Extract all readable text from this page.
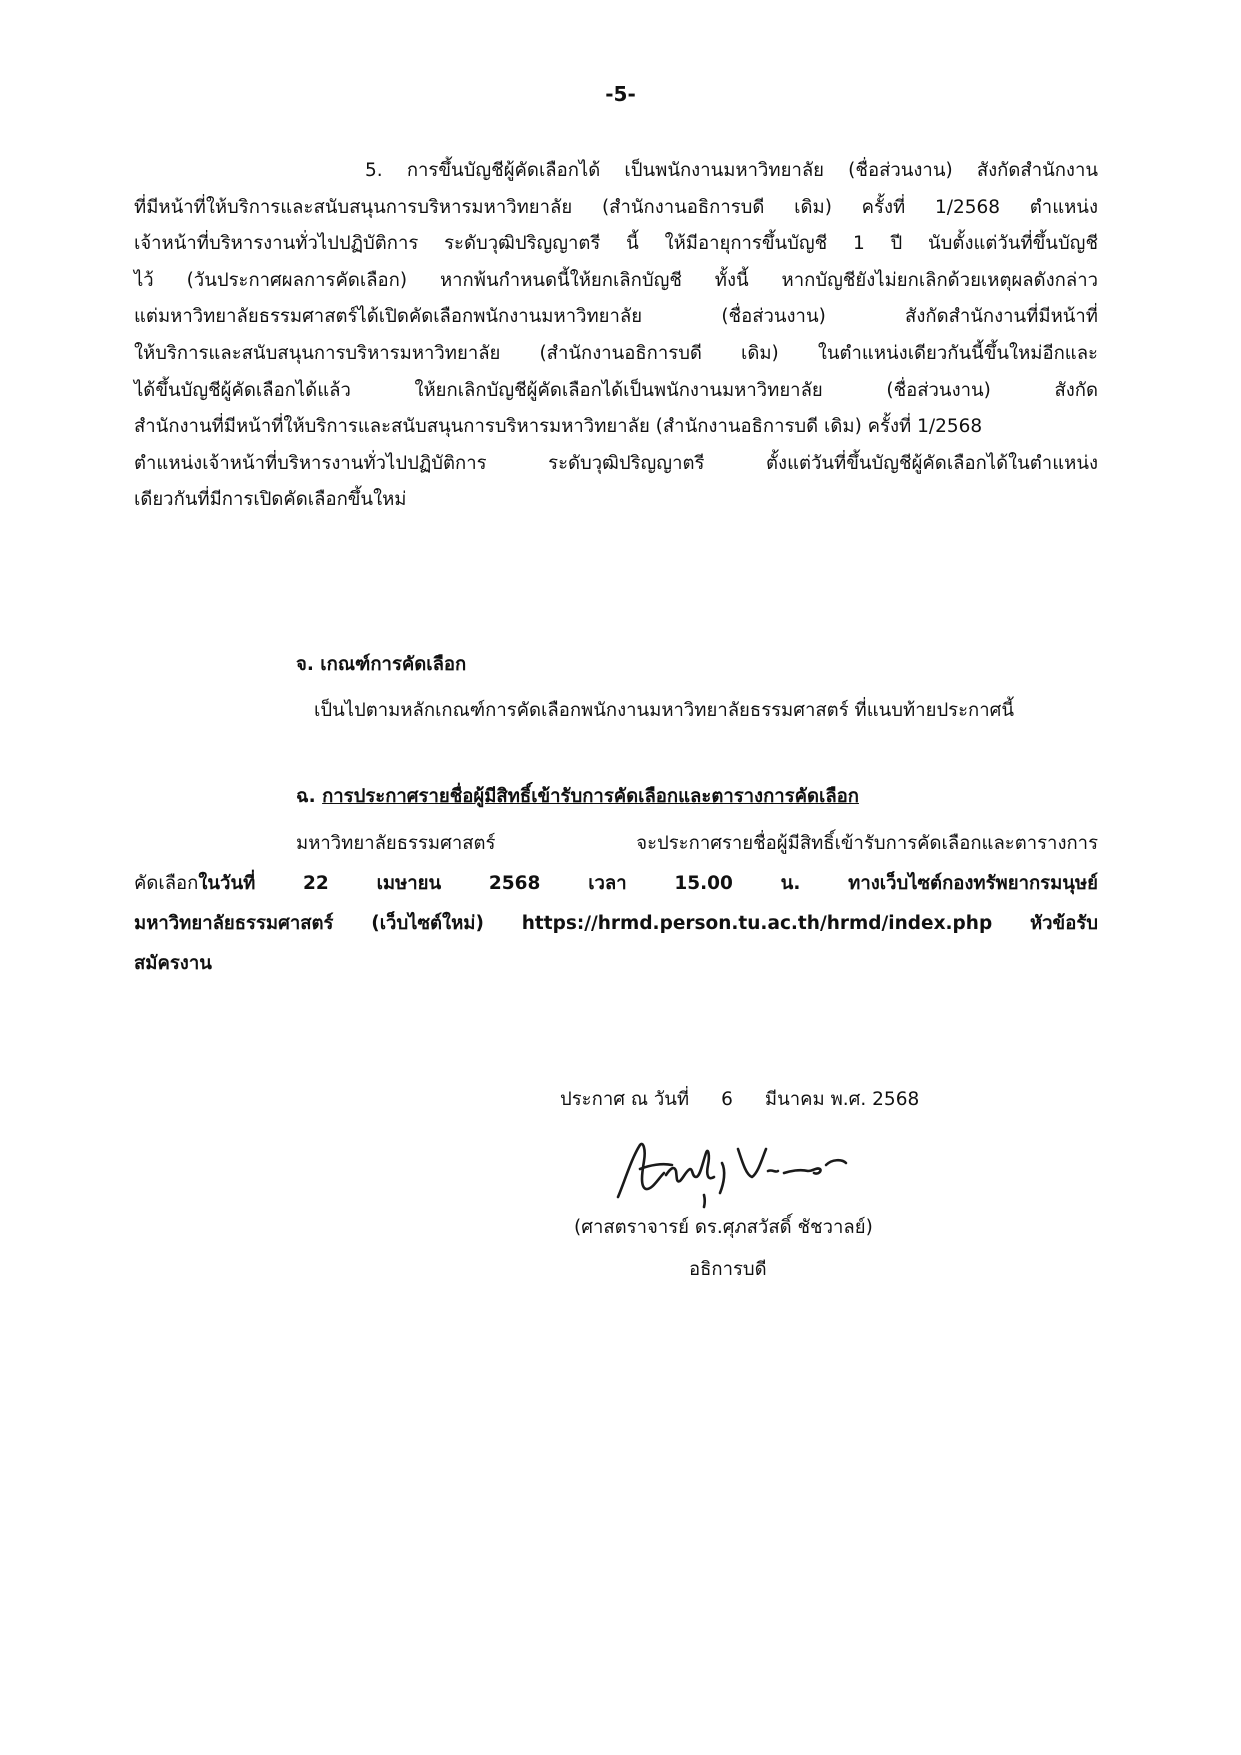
-5-
5. การขึ้นบัญชีผู้คัดเลือกได้ เป็นพนักงานมหาวิทยาลัย (ชื่อส่วนงาน) สังกัดสำนักงาน
ที่มีหน้าที่ให้บริการและสนับสนุนการบริหารมหาวิทยาลัย (สำนักงานอธิการบดี เดิม) ครั้งที่ 1/2568 ตำแหน่ง
เจ้าหน้าที่บริหารงานทั่วไปปฏิบัติการ ระดับวุฒิปริญญาตรี นี้ ให้มีอายุการขึ้นบัญชี 1 ปี นับตั้งแต่วันที่ขึ้นบัญชี
ไว้ (วันประกาศผลการคัดเลือก) หากพ้นกำหนดนี้ให้ยกเลิกบัญชี ทั้งนี้ หากบัญชียังไม่ยกเลิกด้วยเหตุผลดังกล่าว
แต่มหาวิทยาลัยธรรมศาสตร์ได้เปิดคัดเลือกพนักงานมหาวิทยาลัย (ชื่อส่วนงาน) สังกัดสำนักงานที่มีหน้าที่
ให้บริการและสนับสนุนการบริหารมหาวิทยาลัย (สำนักงานอธิการบดี เดิม) ในตำแหน่งเดียวกันนี้ขึ้นใหม่อีกและ
ได้ขึ้นบัญชีผู้คัดเลือกได้แล้ว ให้ยกเลิกบัญชีผู้คัดเลือกได้เป็นพนักงานมหาวิทยาลัย (ชื่อส่วนงาน) สังกัด
สำนักงานที่มีหน้าที่ให้บริการและสนับสนุนการบริหารมหาวิทยาลัย (สำนักงานอธิการบดี เดิม) ครั้งที่ 1/2568
ตำแหน่งเจ้าหน้าที่บริหารงานทั่วไปปฏิบัติการ ระดับวุฒิปริญญาตรี ตั้งแต่วันที่ขึ้นบัญชีผู้คัดเลือกได้ในตำแหน่ง
เดียวกันที่มีการเปิดคัดเลือกขึ้นใหม่
จ. เกณฑ์การคัดเลือก
เป็นไปตามหลักเกณฑ์การคัดเลือกพนักงานมหาวิทยาลัยธรรมศาสตร์ ที่แนบท้ายประกาศนี้
ฉ. การประกาศรายชื่อผู้มีสิทธิ์เข้ารับการคัดเลือกและตารางการคัดเลือก
มหาวิทยาลัยธรรมศาสตร์ จะประกาศรายชื่อผู้มีสิทธิ์เข้ารับการคัดเลือกและตารางการ
คัดเลือกในวันที่ 22 เมษายน 2568 เวลา 15.00 น. ทางเว็บไซต์กองทรัพยากรมนุษย์
มหาวิทยาลัยธรรมศาสตร์ (เว็บไซต์ใหม่) https://hrmd.person.tu.ac.th/hrmd/index.php หัวข้อรับ
สมัครงาน
ประกาศ ณ วันที่ 6 มีนาคม พ.ศ. 2568
(ศาสตราจารย์ ดร.ศุภสวัสดิ์ ชัชวาลย์)
อธิการบดี
